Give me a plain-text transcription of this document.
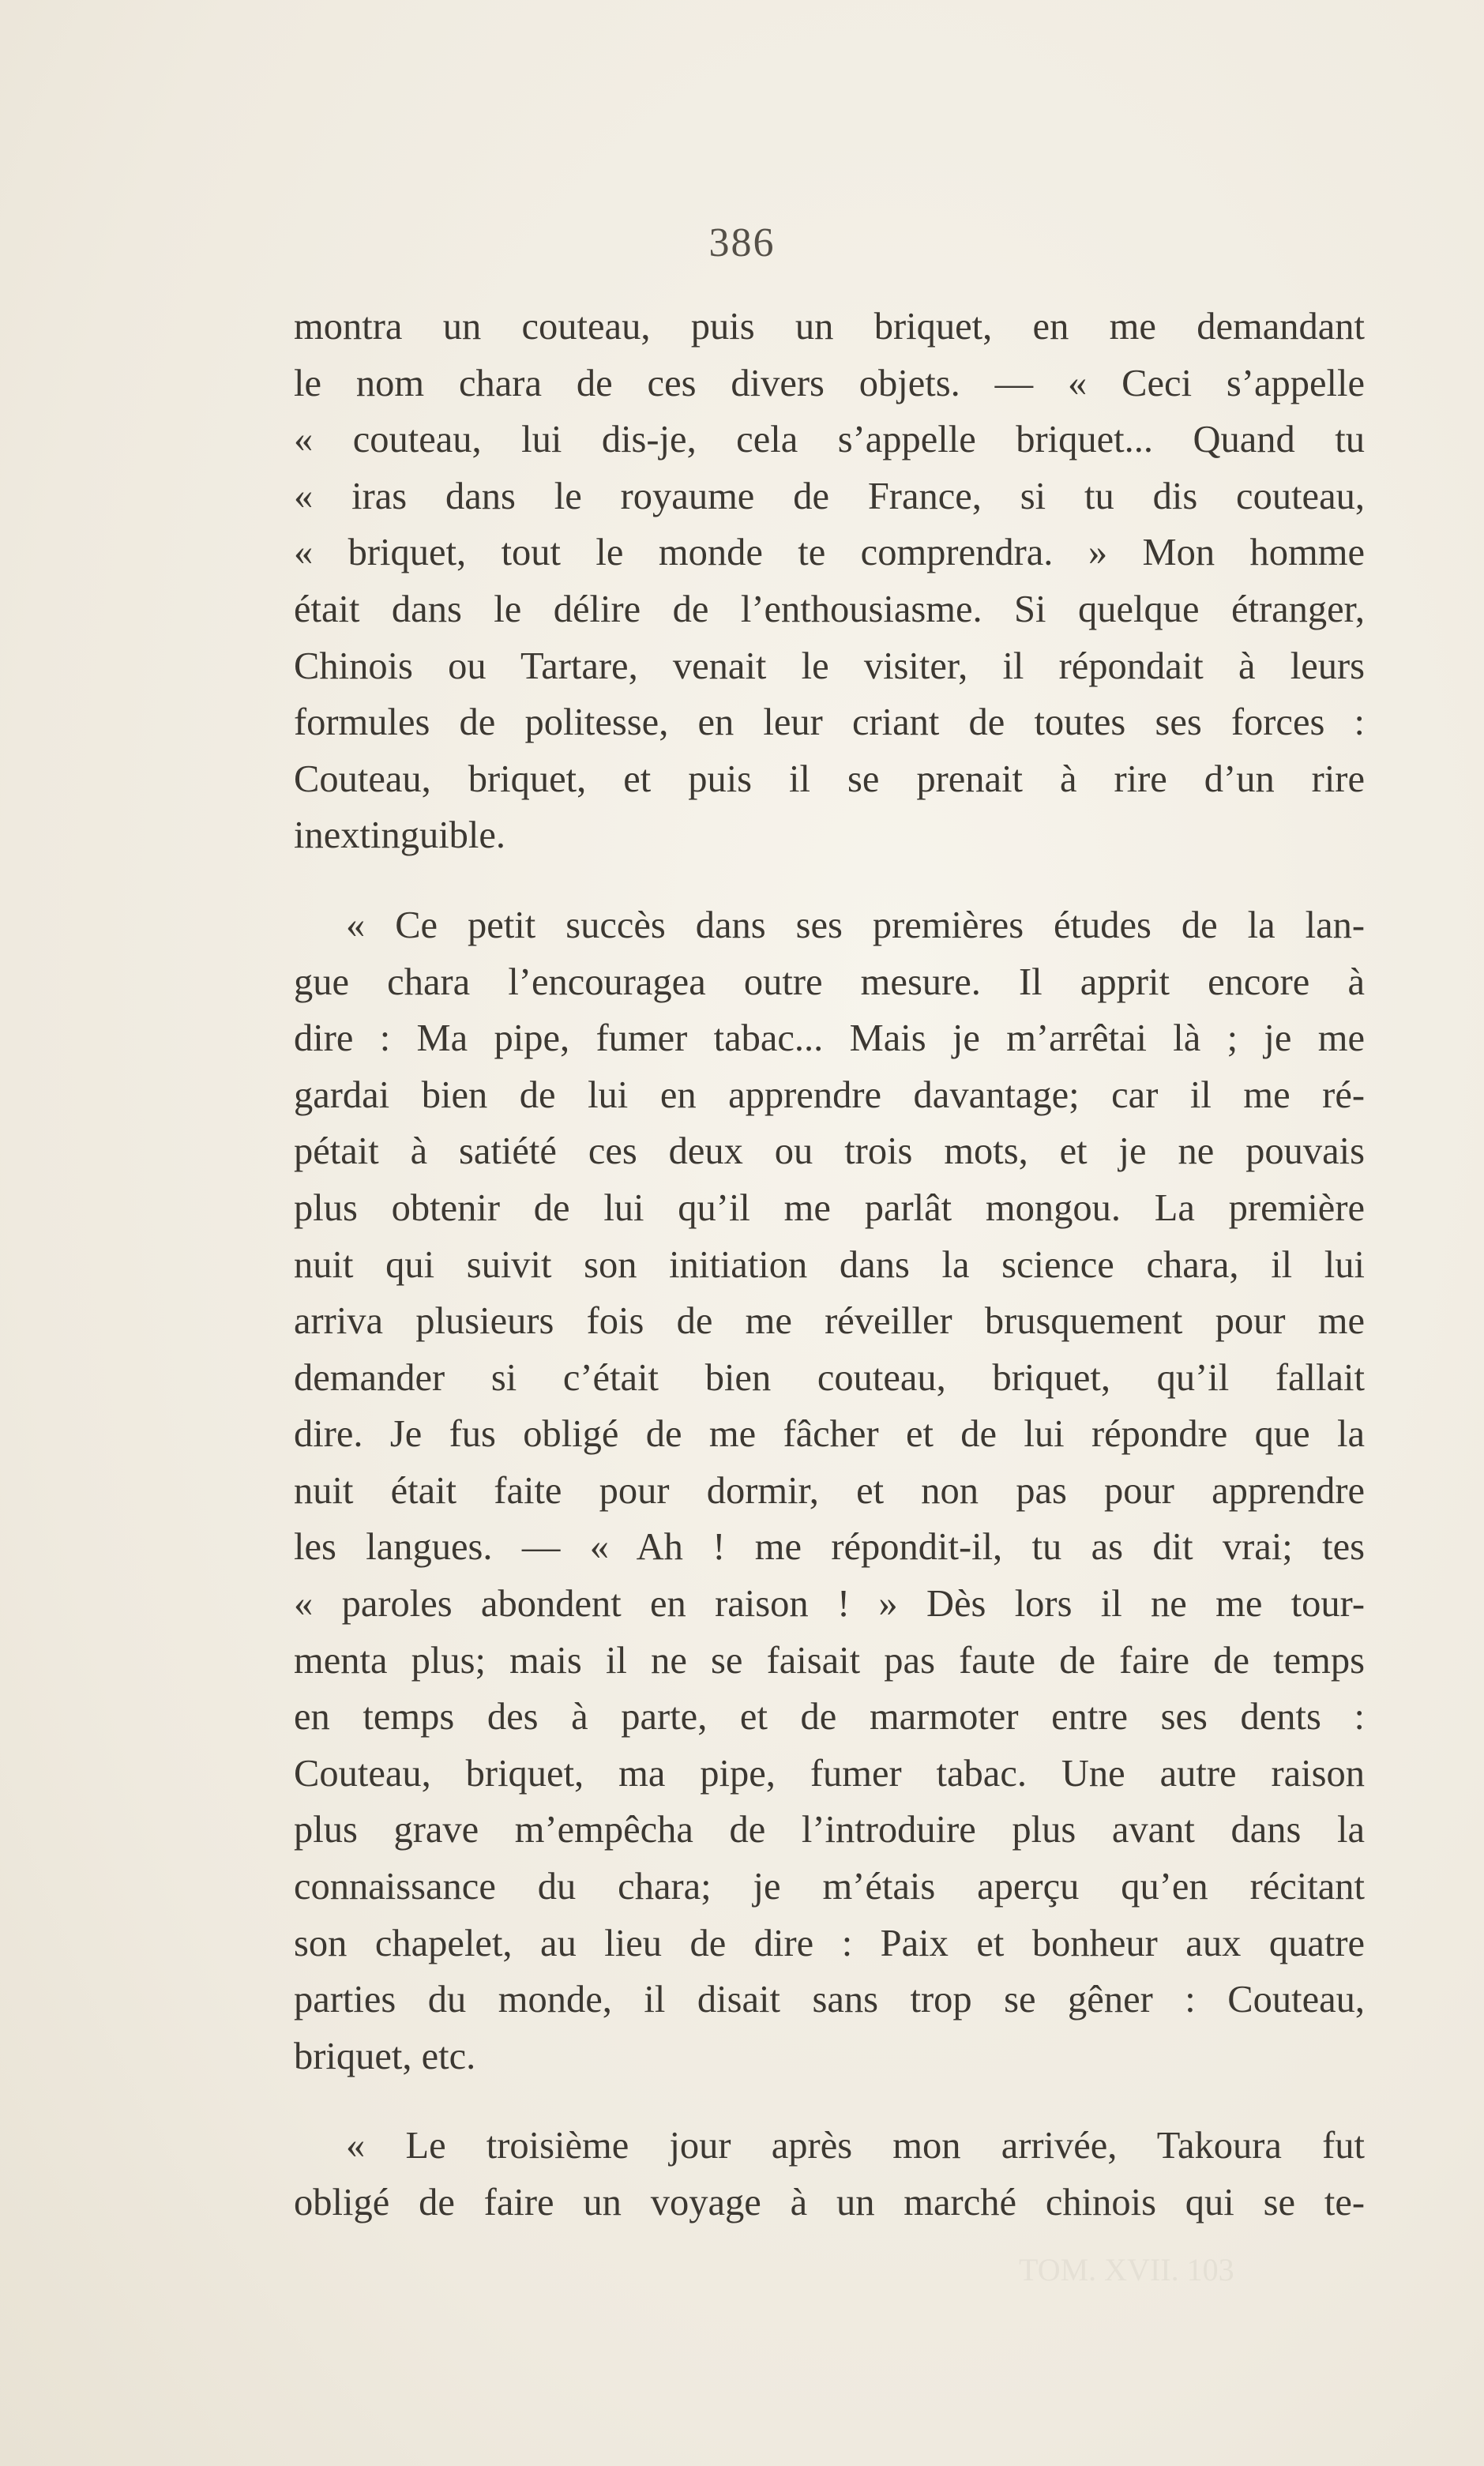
386
montra un couteau, puis un briquet, en me demandant
le nom chara de ces divers objets. — « Ceci s’appelle
« couteau, lui dis-je, cela s’appelle briquet... Quand tu
« iras dans le royaume de France, si tu dis couteau,
« briquet, tout le monde te comprendra. » Mon homme
était dans le délire de l’enthousiasme. Si quelque étranger,
Chinois ou Tartare, venait le visiter, il répondait à leurs
formules de politesse, en leur criant de toutes ses forces :
Couteau, briquet, et puis il se prenait à rire d’un rire
inextinguible.
« Ce petit succès dans ses premières études de la lan-
gue chara l’encouragea outre mesure. Il apprit encore à
dire : Ma pipe, fumer tabac... Mais je m’arrêtai là ; je me
gardai bien de lui en apprendre davantage; car il me ré-
pétait à satiété ces deux ou trois mots, et je ne pouvais
plus obtenir de lui qu’il me parlât mongou. La première
nuit qui suivit son initiation dans la science chara, il lui
arriva plusieurs fois de me réveiller brusquement pour me
demander si c’était bien couteau, briquet, qu’il fallait
dire. Je fus obligé de me fâcher et de lui répondre que la
nuit était faite pour dormir, et non pas pour apprendre
les langues. — « Ah ! me répondit-il, tu as dit vrai; tes
« paroles abondent en raison ! » Dès lors il ne me tour-
menta plus; mais il ne se faisait pas faute de faire de temps
en temps des à parte, et de marmoter entre ses dents :
Couteau, briquet, ma pipe, fumer tabac. Une autre raison
plus grave m’empêcha de l’introduire plus avant dans la
connaissance du chara; je m’étais aperçu qu’en récitant
son chapelet, au lieu de dire : Paix et bonheur aux quatre
parties du monde, il disait sans trop se gêner : Couteau,
briquet, etc.
« Le troisième jour après mon arrivée, Takoura fut
obligé de faire un voyage à un marché chinois qui se te-
TOM. XVII. 103
